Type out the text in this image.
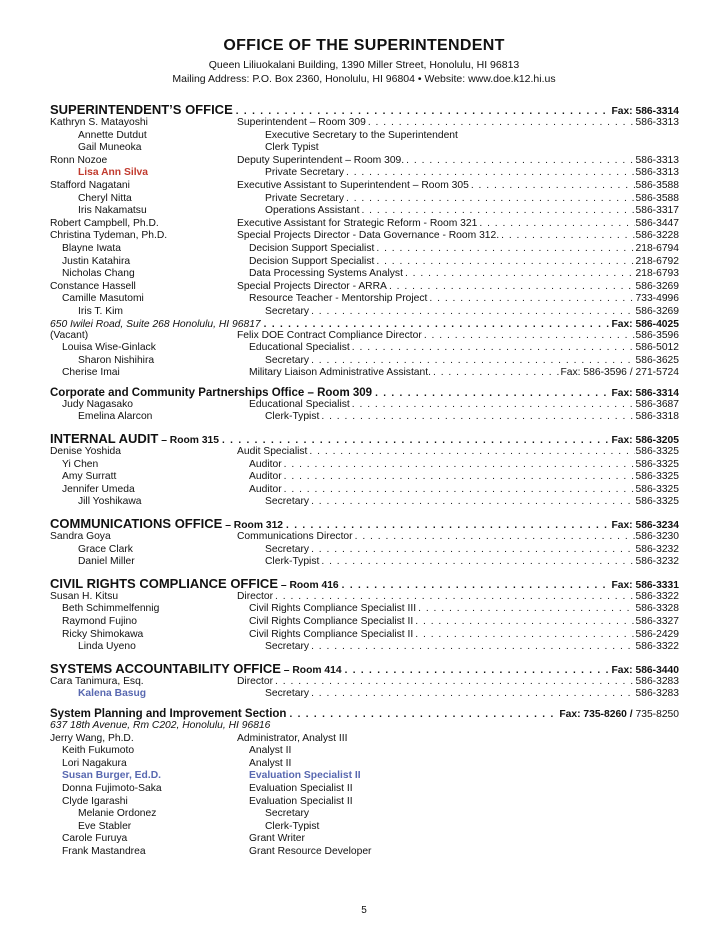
OFFICE OF THE SUPERINTENDENT
Queen Liliuokalani Building, 1390 Miller Street, Honolulu, HI 96813
Mailing Address: P.O. Box 2360, Honolulu, HI 96804 • Website: www.doe.k12.hi.us
SUPERINTENDENT’S OFFICE . . .	Fax: 586-3314
Kathryn S. Matayoshi	Superintendent – Room 309 . . .	586-3313
Annette Dutdut	Executive Secretary to the Superintendent
Gail Muneoka	Clerk Typist
Ronn Nozoe	Deputy Superintendent – Room 309. . . .	586-3313
Lisa Ann Silva	Private Secretary . . .	586-3313
Stafford Nagatani	Executive Assistant to Superintendent – Room 305 . . .	586-3588
Cheryl Nitta	Private Secretary . . .	586-3588
Iris Nakamatsu	Operations Assistant . . .	586-3317
Robert Campbell, Ph.D.	Executive Assistant for Strategic Reform - Room 321 . . .	586-3447
Christina Tydeman, Ph.D.	Special Projects Director - Data Governance - Room 312. . . .	586-3228
Blayne Iwata	Decision Support Specialist . . .	218-6794
Justin Katahira	Decision Support Specialist . . .	218-6792
Nicholas Chang	Data Processing Systems Analyst . . .	218-6793
Constance Hassell	Special Projects Director - ARRA . . .	586-3269
Camille Masutomi	Resource Teacher - Mentorship Project . . .	733-4996
Iris T. Kim	Secretary . . .	586-3269
650 Iwilei Road, Suite 268 Honolulu, HI 96817 . . .	Fax: 586-4025
(Vacant)	Felix DOE Contract Compliance Director . . .	586-3596
Louisa Wise-Ginlack	Educational Specialist . . .	586-5012
Sharon Nishihira	Secretary . . .	586-3625
Cherise Imai	Military Liaison Administrative Assistant. . . .	Fax: 586-3596 / 271-5724
Corporate and Community Partnerships Office – Room 309 . . .	Fax: 586-3314
Judy Nagasako	Educational Specialist . . .	586-3687
Emelina Alarcon	Clerk-Typist . . .	586-3318
INTERNAL AUDIT – Room 315 . . .	Fax: 586-3205
Denise Yoshida	Audit Specialist . . .	586-3325
Yi Chen	Auditor . . .	586-3325
Amy Surratt	Auditor . . .	586-3325
Jennifer Umeda	Auditor . . .	586-3325
Jill Yoshikawa	Secretary . . .	586-3325
COMMUNICATIONS OFFICE – Room 312 . . .	Fax: 586-3234
Sandra Goya	Communications Director . . .	586-3230
Grace Clark	Secretary . . .	586-3232
Daniel Miller	Clerk-Typist . . .	586-3232
CIVIL RIGHTS COMPLIANCE OFFICE – Room 416 . . .	Fax: 586-3331
Susan H. Kitsu	Director . . .	586-3322
Beth Schimmelfennig	Civil Rights Compliance Specialist III . . .	586-3328
Raymond Fujino	Civil Rights Compliance Specialist II . . .	586-3327
Ricky Shimokawa	Civil Rights Compliance Specialist II . . .	586-2429
Linda Uyeno	Secretary . . .	586-3322
SYSTEMS ACCOUNTABILITY OFFICE – Room 414 . . .	Fax: 586-3440
Cara Tanimura, Esq.	Director . . .	586-3283
Kalena Basug	Secretary . . .	586-3283
System Planning and Improvement Section . . .	Fax: 735-8260 / 735-8250
637 18th Avenue, Rm C202, Honolulu, HI 96816
Jerry Wang, Ph.D.	Administrator, Analyst III
Keith Fukumoto	Analyst II
Lori Nagakura	Analyst II
Susan Burger, Ed.D.	Evaluation Specialist II
Donna Fujimoto-Saka	Evaluation Specialist II
Clyde Igarashi	Evaluation Specialist II
Melanie Ordonez	Secretary
Eve Stabler	Clerk-Typist
Carole Furuya	Grant Writer
Frank Mastandrea	Grant Resource Developer
5
